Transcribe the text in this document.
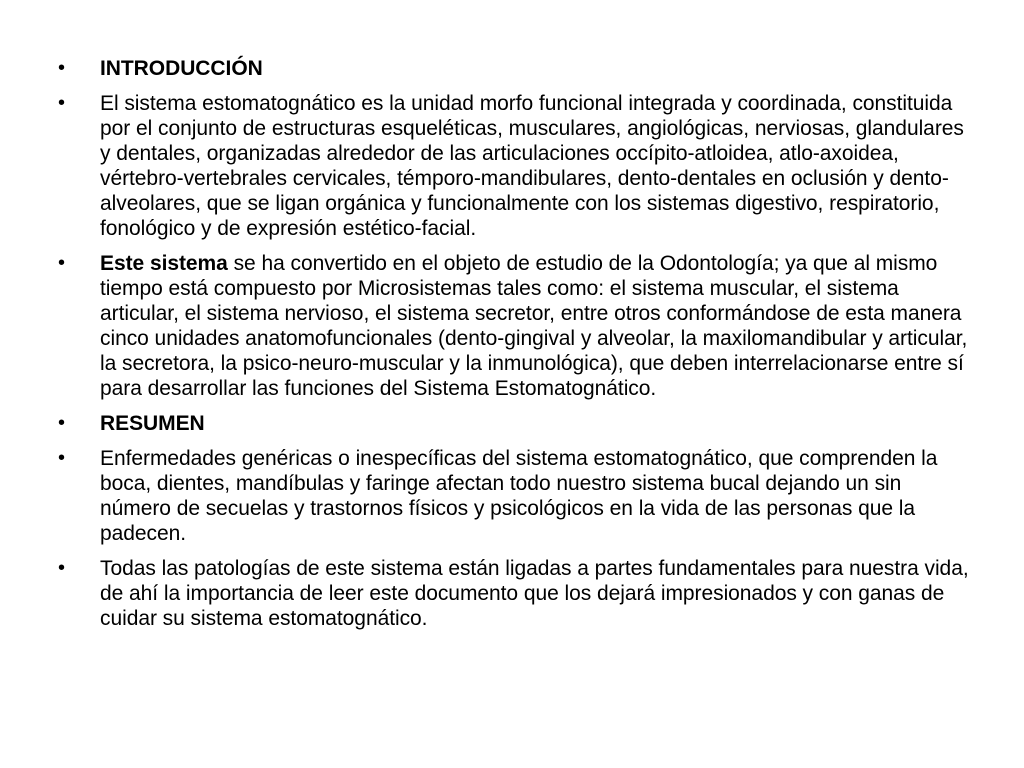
• INTRODUCCIÓN
• El sistema estomatognático es la unidad morfo funcional integrada y coordinada, constituida por el conjunto de estructuras esqueléticas, musculares, angiológicas, nerviosas, glandulares y dentales, organizadas alrededor de las articulaciones occípito-atloidea, atlo-axoidea, vértebro-vertebrales cervicales, témporo-mandibulares, dento-dentales en oclusión y dento-alveolares, que se ligan orgánica y funcionalmente con los sistemas digestivo, respiratorio, fonológico y de expresión estético-facial.
• Este sistema se ha convertido en el objeto de estudio de la Odontología; ya que al mismo tiempo está compuesto por Microsistemas tales como: el sistema muscular, el sistema articular, el sistema nervioso, el sistema secretor, entre otros conformándose de esta manera cinco unidades anatomofuncionales (dento-gingival y alveolar, la maxilomandibular y articular, la secretora, la psico-neuro-muscular y la inmunológica), que deben interrelacionarse entre sí para desarrollar las funciones del Sistema Estomatognático.
• RESUMEN
• Enfermedades genéricas o inespecíficas del sistema estomatognático, que comprenden la boca, dientes, mandíbulas y faringe afectan todo nuestro sistema bucal dejando un sin número de secuelas y trastornos físicos y psicológicos en la vida de las personas que la padecen.
• Todas las patologías de este sistema están ligadas a partes fundamentales para nuestra vida, de ahí la importancia de leer este documento que los dejará impresionados y con ganas de cuidar su sistema estomatognático.
